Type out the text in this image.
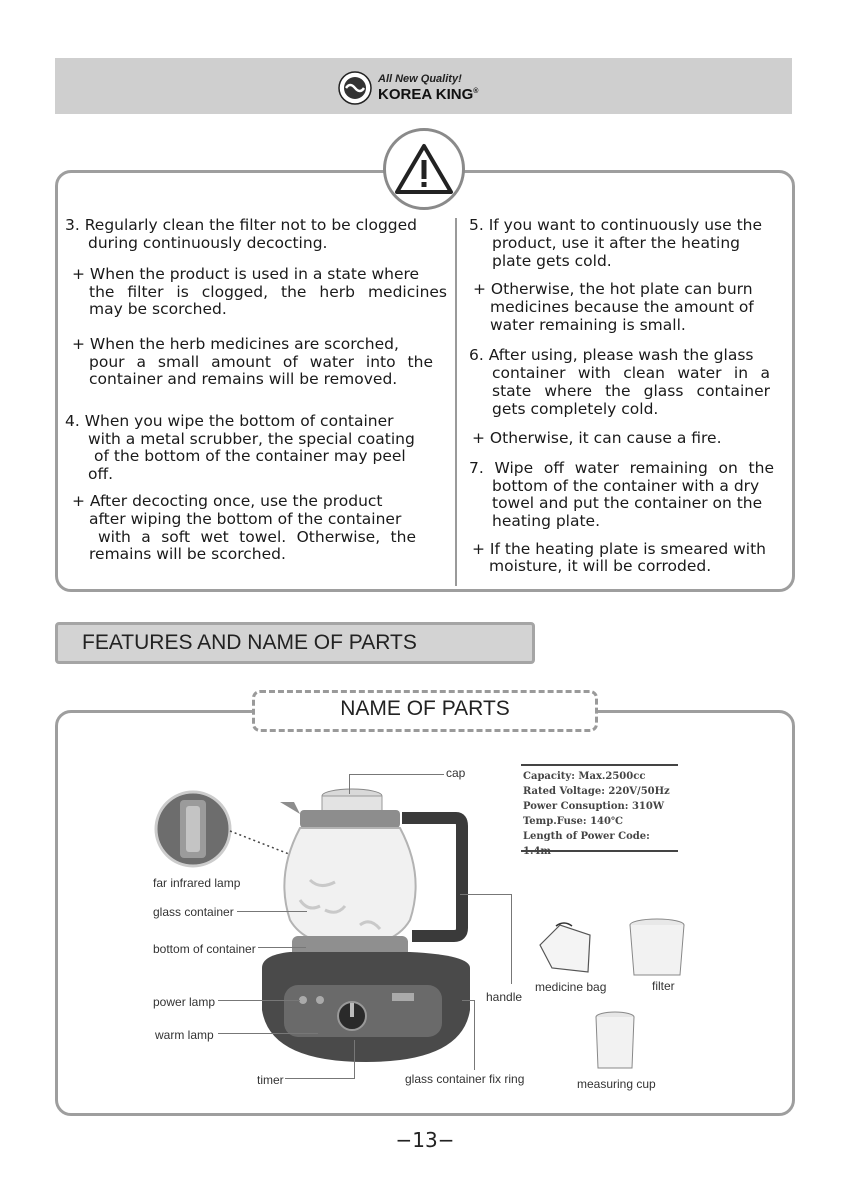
All New Quality!
KOREA KING®

3. Regularly clean the filter not to be clogged

during continuously decocting.

+ When the product is used in a state where

the filter is clogged, the herb medicines

may be scorched.

+ When the herb medicines are scorched,

pour a small amount of water into the

container and remains will be removed.

4. When you wipe the bottom of container

with a metal scrubber, the special coating

of the bottom of the container may peel

off.

+ After decocting once, use the product

after wiping the bottom of the container

with a soft wet towel. Otherwise, the

remains will be scorched.

5. If you want to continuously use the

product, use it after the heating

plate gets cold.

+ Otherwise, the hot plate can burn

medicines because the amount of

water remaining is small.

6. After using, please wash the glass

container with clean water in a

state where the glass container

gets completely cold.

+ Otherwise, it can cause a fire.

7. Wipe off water remaining on the

bottom of the container with a dry

towel and put the container on the

heating plate.

+ If the heating plate is smeared with

moisture, it will be corroded.

FEATURES AND NAME OF PARTS
NAME OF PARTS
cap
far infrared lamp
glass container
bottom of container
power lamp
warm lamp
timer	glass container fix ring
handle
medicine bag	filter
measuring cup
Capacity: Max.2500cc
Rated Voltage: 220V/50Hz
Power Consuption: 310W
Temp.Fuse: 140℃
Length of Power Code: 1.4m
−13−
